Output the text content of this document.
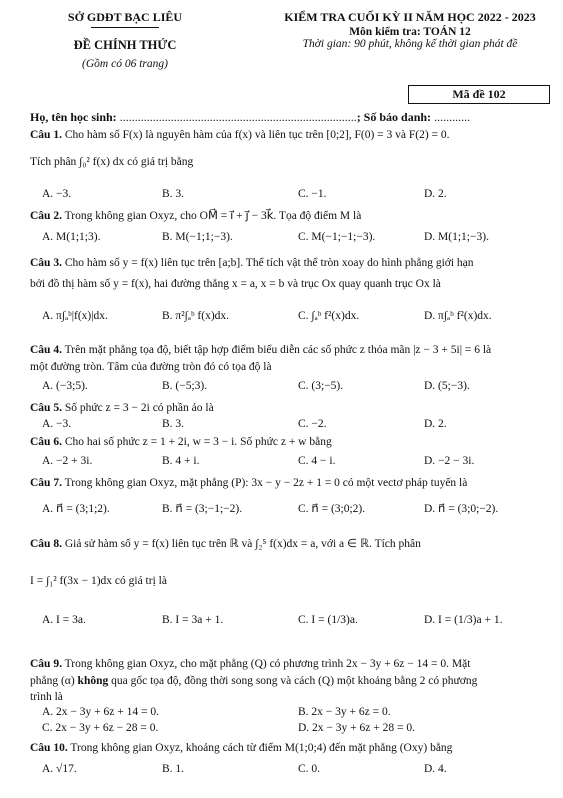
SỞ GDĐT BẠC LIÊU
ĐỀ CHÍNH THỨC
(Gồm có 06 trang)
KIỂM TRA CUỐI KỲ II NĂM HỌC 2022 - 2023
Môn kiểm tra: TOÁN 12
Thời gian: 90 phút, không kể thời gian phát đề
Mã đề 102
Họ, tên học sinh: ...............................................................................; Số báo danh: ............
Câu 1. Cho hàm số F(x) là nguyên hàm của f(x) và liên tục trên [0;2], F(0) = 3 và F(2) = 0.
Tích phân ∫₀² f(x) dx có giá trị bằng
A. −3.	B. 3.	C. −1.	D. 2.
Câu 2. Trong không gian Oxyz, cho OM⃗ = i⃗ + j⃗ − 3k⃗. Tọa độ điểm M là
A. M(1;1;3).	B. M(−1;1;−3).	C. M(−1;−1;−3).	D. M(1;1;−3).
Câu 3. Cho hàm số y = f(x) liên tục trên [a;b]. Thể tích vật thể tròn xoay do hình phẳng giới hạn
bởi đồ thị hàm số y = f(x), hai đường thẳng x = a, x = b và trục Ox quay quanh trục Ox là
A. π∫ₐᵇ|f(x)|dx.	B. π²∫ₐᵇ f(x)dx.	C. ∫ₐᵇ f²(x)dx.	D. π∫ₐᵇ f²(x)dx.
Câu 4. Trên mặt phẳng tọa độ, biết tập hợp điểm biểu diễn các số phức z thỏa mãn |z − 3 + 5i| = 6 là
một đường tròn. Tâm của đường tròn đó có tọa độ là
A. (−3;5).	B. (−5;3).	C. (3;−5).	D. (5;−3).
Câu 5. Số phức z = 3 − 2i có phần ảo là
A. −3.	B. 3.	C. −2.	D. 2.
Câu 6. Cho hai số phức z = 1 + 2i, w = 3 − i. Số phức z + w bằng
A. −2 + 3i.	B. 4 + i.	C. 4 − i.	D. −2 − 3i.
Câu 7. Trong không gian Oxyz, mặt phẳng (P): 3x − y − 2z + 1 = 0 có một vectơ pháp tuyến là
A. n⃗ = (3;1;2).	B. n⃗ = (3;−1;−2).	C. n⃗ = (3;0;2).	D. n⃗ = (3;0;−2).
Câu 8. Giả sử hàm số y = f(x) liên tục trên ℝ và ∫₂⁵ f(x)dx = a, với a ∈ ℝ. Tích phân
I = ∫₁² f(3x − 1)dx có giá trị là
A. I = 3a.	B. I = 3a + 1.	C. I = (1/3)a.	D. I = (1/3)a + 1.
Câu 9. Trong không gian Oxyz, cho mặt phẳng (Q) có phương trình 2x − 3y + 6z − 14 = 0. Mặt
phẳng (α) không qua gốc tọa độ, đồng thời song song và cách (Q) một khoảng bằng 2 có phương
trình là
A. 2x − 3y + 6z + 14 = 0.	B. 2x − 3y + 6z = 0.
C. 2x − 3y + 6z − 28 = 0.	D. 2x − 3y + 6z + 28 = 0.
Câu 10. Trong không gian Oxyz, khoảng cách từ điểm M(1;0;4) đến mặt phẳng (Oxy) bằng
A. √17.	B. 1.	C. 0.	D. 4.
